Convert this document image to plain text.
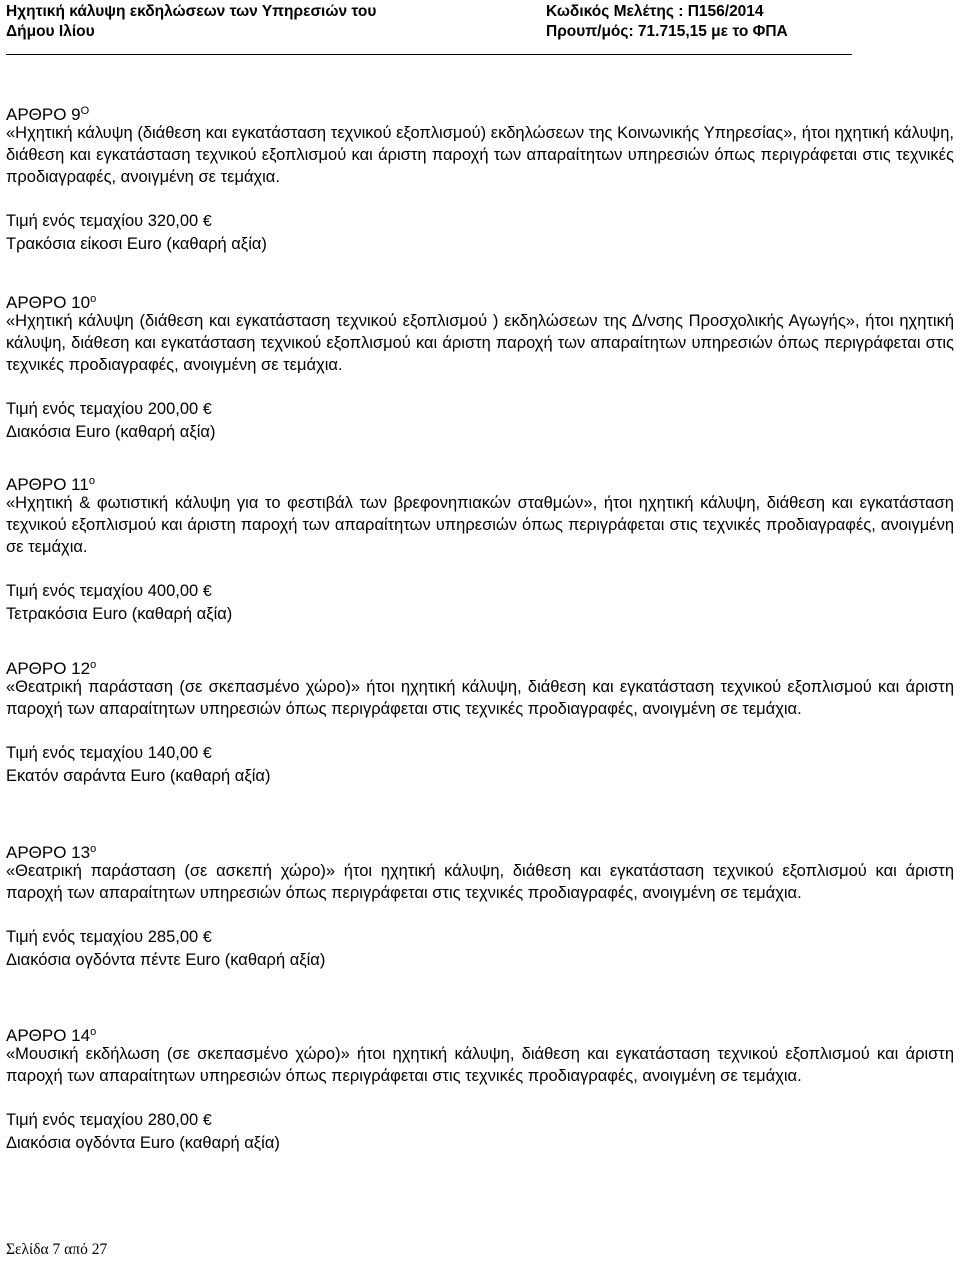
Ηχητική κάλυψη εκδηλώσεων των Υπηρεσιών του
Δήμου Ιλίου
Κωδικός Μελέτης : Π156/2014
Προυπ/μός: 71.715,15 με το ΦΠΑ
ΑΡΘΡΟ $9^O$
«Ηχητική κάλυψη (διάθεση και εγκατάσταση τεχνικού εξοπλισμού) εκδηλώσεων της Κοινωνικής Υπηρεσίας», ήτοι ηχητική κάλυψη, διάθεση και εγκατάσταση τεχνικού εξοπλισμού και άριστη παροχή των απαραίτητων υπηρεσιών όπως περιγράφεται στις τεχνικές προδιαγραφές, ανοιγμένη σε τεμάχια.
Τιμή ενός τεμαχίου 320,00 €
Τρακόσια είκοσι Euro (καθαρή αξία)
ΑΡΘΡΟ $10^o$
«Ηχητική κάλυψη (διάθεση και εγκατάσταση τεχνικού εξοπλισμού ) εκδηλώσεων της Δ/νσης Προσχολικής Αγωγής», ήτοι ηχητική κάλυψη, διάθεση και εγκατάσταση τεχνικού εξοπλισμού και άριστη παροχή των απαραίτητων υπηρεσιών όπως περιγράφεται στις τεχνικές προδιαγραφές, ανοιγμένη σε τεμάχια.
Τιμή ενός τεμαχίου 200,00 €
Διακόσια Euro (καθαρή αξία)
ΑΡΘΡΟ $11^o$
«Ηχητική & φωτιστική κάλυψη για το φεστιβάλ των βρεφονηπιακών σταθμών», ήτοι ηχητική κάλυψη, διάθεση και εγκατάσταση τεχνικού εξοπλισμού και άριστη παροχή των απαραίτητων υπηρεσιών όπως περιγράφεται στις τεχνικές προδιαγραφές, ανοιγμένη σε τεμάχια.
Τιμή ενός τεμαχίου 400,00 €
Τετρακόσια Euro (καθαρή αξία)
ΑΡΘΡΟ $12^o$
«Θεατρική παράσταση (σε σκεπασμένο χώρο)» ήτοι ηχητική κάλυψη, διάθεση και εγκατάσταση τεχνικού εξοπλισμού και άριστη παροχή των απαραίτητων υπηρεσιών όπως περιγράφεται στις τεχνικές προδιαγραφές, ανοιγμένη σε τεμάχια.
Τιμή ενός τεμαχίου 140,00 €
Εκατόν σαράντα Euro (καθαρή αξία)
ΑΡΘΡΟ $13^o$
«Θεατρική παράσταση (σε ασκεπή χώρο)» ήτοι ηχητική κάλυψη, διάθεση και εγκατάσταση τεχνικού εξοπλισμού και άριστη παροχή των απαραίτητων υπηρεσιών όπως περιγράφεται στις τεχνικές προδιαγραφές, ανοιγμένη σε τεμάχια.
Τιμή ενός τεμαχίου 285,00 €
Διακόσια ογδόντα πέντε Euro (καθαρή αξία)
ΑΡΘΡΟ $14^o$
«Μουσική εκδήλωση (σε σκεπασμένο χώρο)» ήτοι ηχητική κάλυψη, διάθεση και εγκατάσταση τεχνικού εξοπλισμού και άριστη παροχή των απαραίτητων υπηρεσιών όπως περιγράφεται στις τεχνικές προδιαγραφές, ανοιγμένη σε τεμάχια.
Τιμή ενός τεμαχίου 280,00 €
Διακόσια ογδόντα Euro (καθαρή αξία)
Σελίδα 7 από 27
